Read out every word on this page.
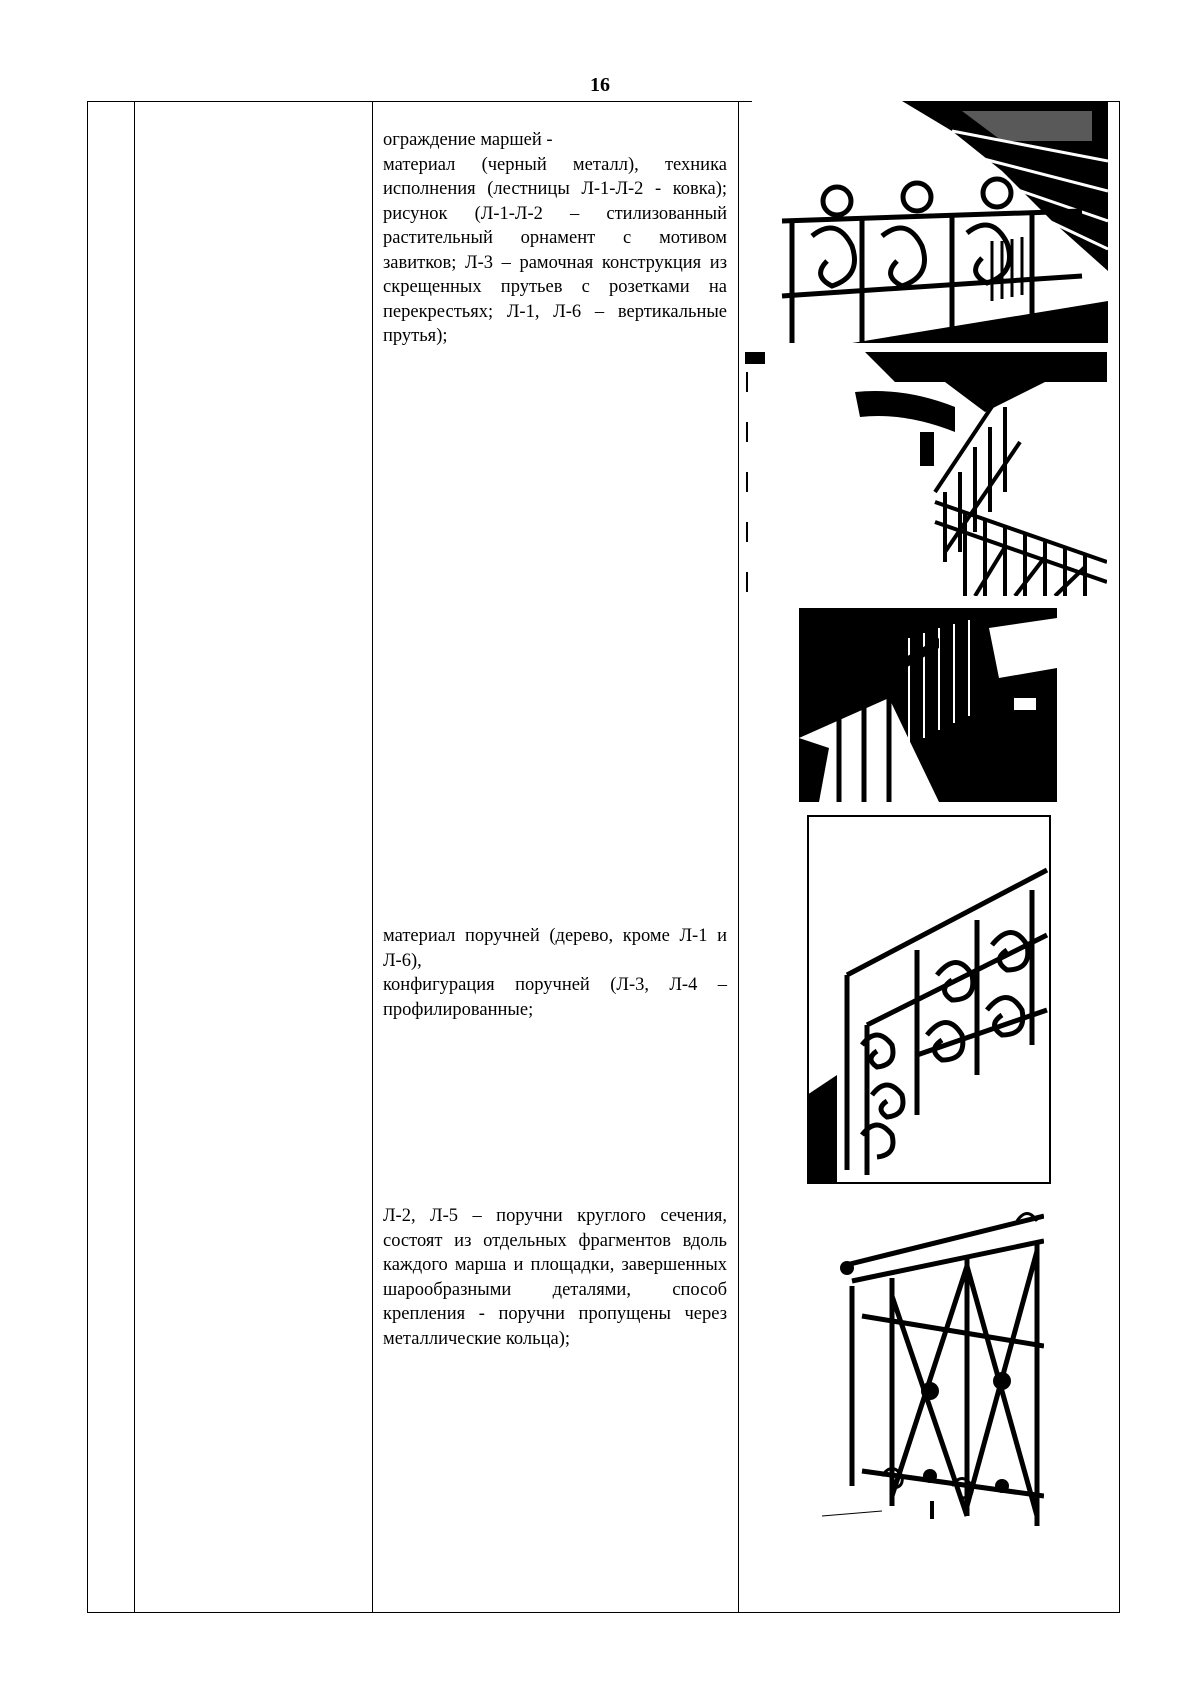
16

ограждение маршей -

материал (черный металл), техника исполнения (лестницы Л-1-Л-2 - ковка); рисунок (Л-1-Л-2 – стилизованный растительный орнамент с мотивом завитков; Л-3 – рамочная конструкция из скрещенных прутьев с розетками на перекрестьях; Л-1, Л-6 – вертикальные прутья);

материал поручней (дерево, кроме Л-1 и Л-6),

конфигурация поручней (Л-3, Л-4 – профилированные;

Л-2, Л-5 – поручни круглого сечения, состоят из отдельных фрагментов вдоль каждого марша и площадки, завершенных шарообразными деталями, способ крепления - поручни пропущены через металлические кольца);
